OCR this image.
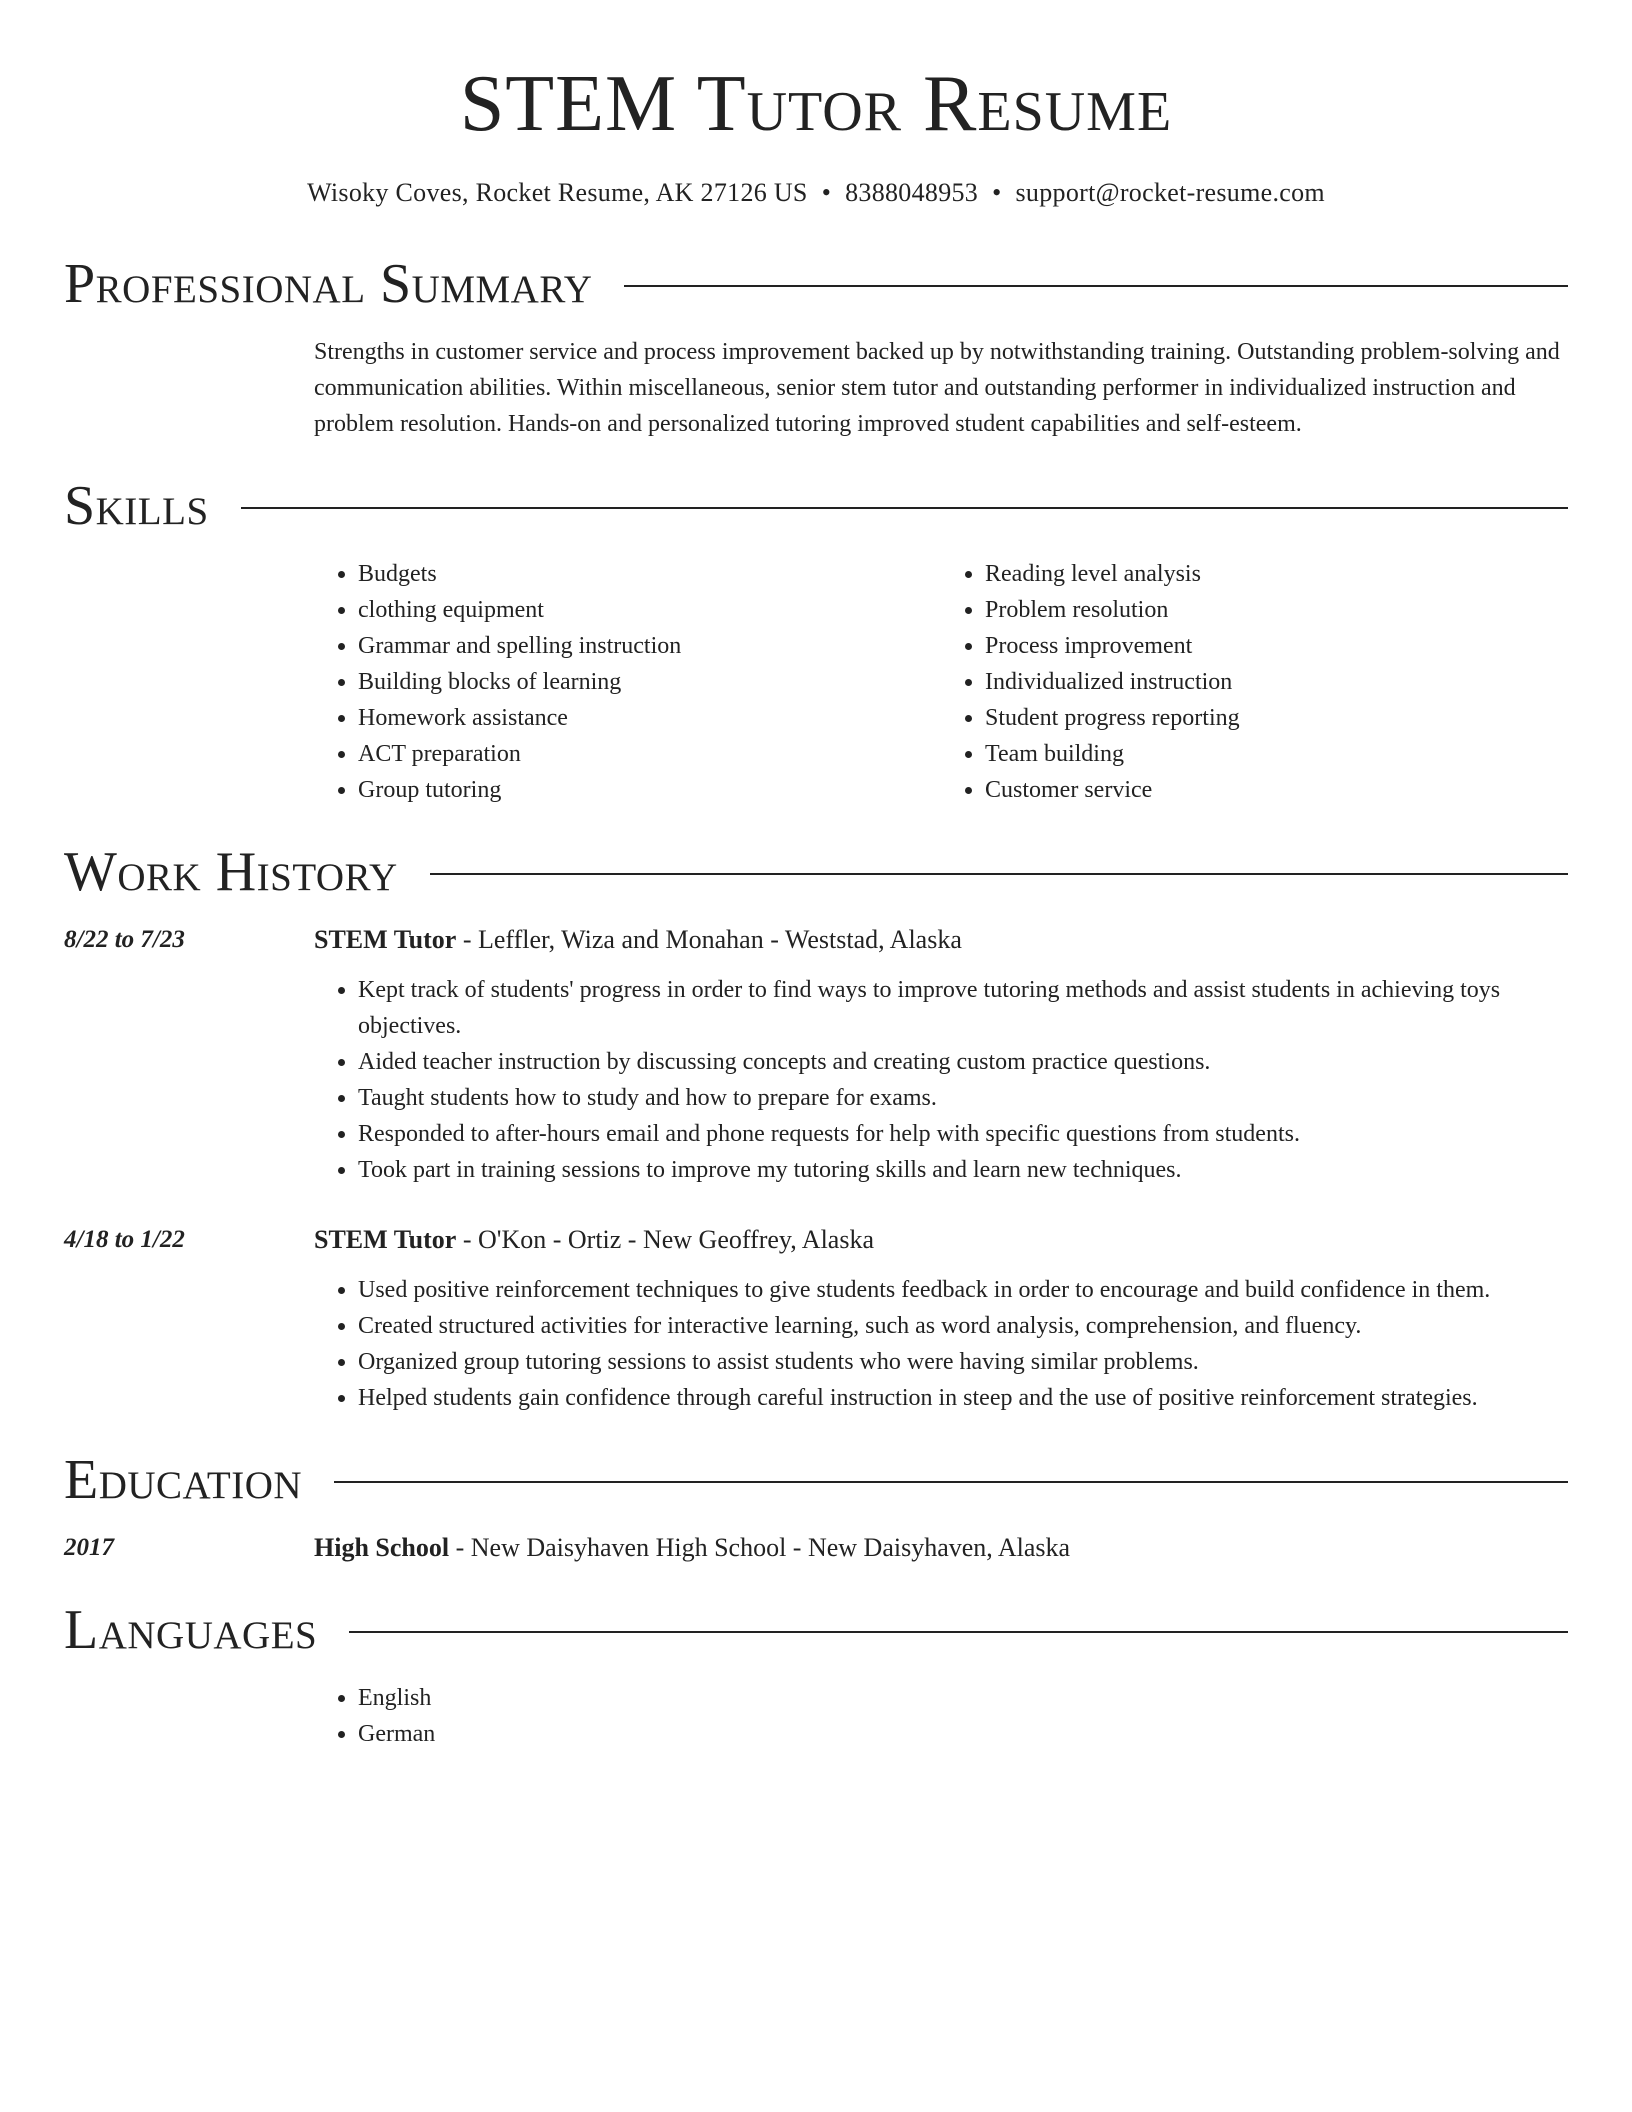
STEM Tutor Resume
Wisoky Coves, Rocket Resume, AK 27126 US • 8388048953 • support@rocket-resume.com
Professional Summary

Strengths in customer service and process improvement backed up by notwithstanding training. Outstanding problem-solving and communication abilities. Within miscellaneous, senior stem tutor and outstanding performer in individualized instruction and problem resolution. Hands-on and personalized tutoring improved student capabilities and self-esteem.

Skills
• Budgets
• clothing equipment
• Grammar and spelling instruction
• Building blocks of learning
• Homework assistance
• ACT preparation
• Group tutoring
• Reading level analysis
• Problem resolution
• Process improvement
• Individualized instruction
• Student progress reporting
• Team building
• Customer service
Work History
8/22 to 7/23	STEM Tutor - Leffler, Wiza and Monahan - Weststad, Alaska
• Kept track of students' progress in order to find ways to improve tutoring methods and assist students in achieving toys objectives.
• Aided teacher instruction by discussing concepts and creating custom practice questions.
• Taught students how to study and how to prepare for exams.
• Responded to after-hours email and phone requests for help with specific questions from students.
• Took part in training sessions to improve my tutoring skills and learn new techniques.
4/18 to 1/22	STEM Tutor - O'Kon - Ortiz - New Geoffrey, Alaska
• Used positive reinforcement techniques to give students feedback in order to encourage and build confidence in them.
• Created structured activities for interactive learning, such as word analysis, comprehension, and fluency.
• Organized group tutoring sessions to assist students who were having similar problems.
• Helped students gain confidence through careful instruction in steep and the use of positive reinforcement strategies.
Education
2017	High School - New Daisyhaven High School - New Daisyhaven, Alaska
Languages
• English
• German
